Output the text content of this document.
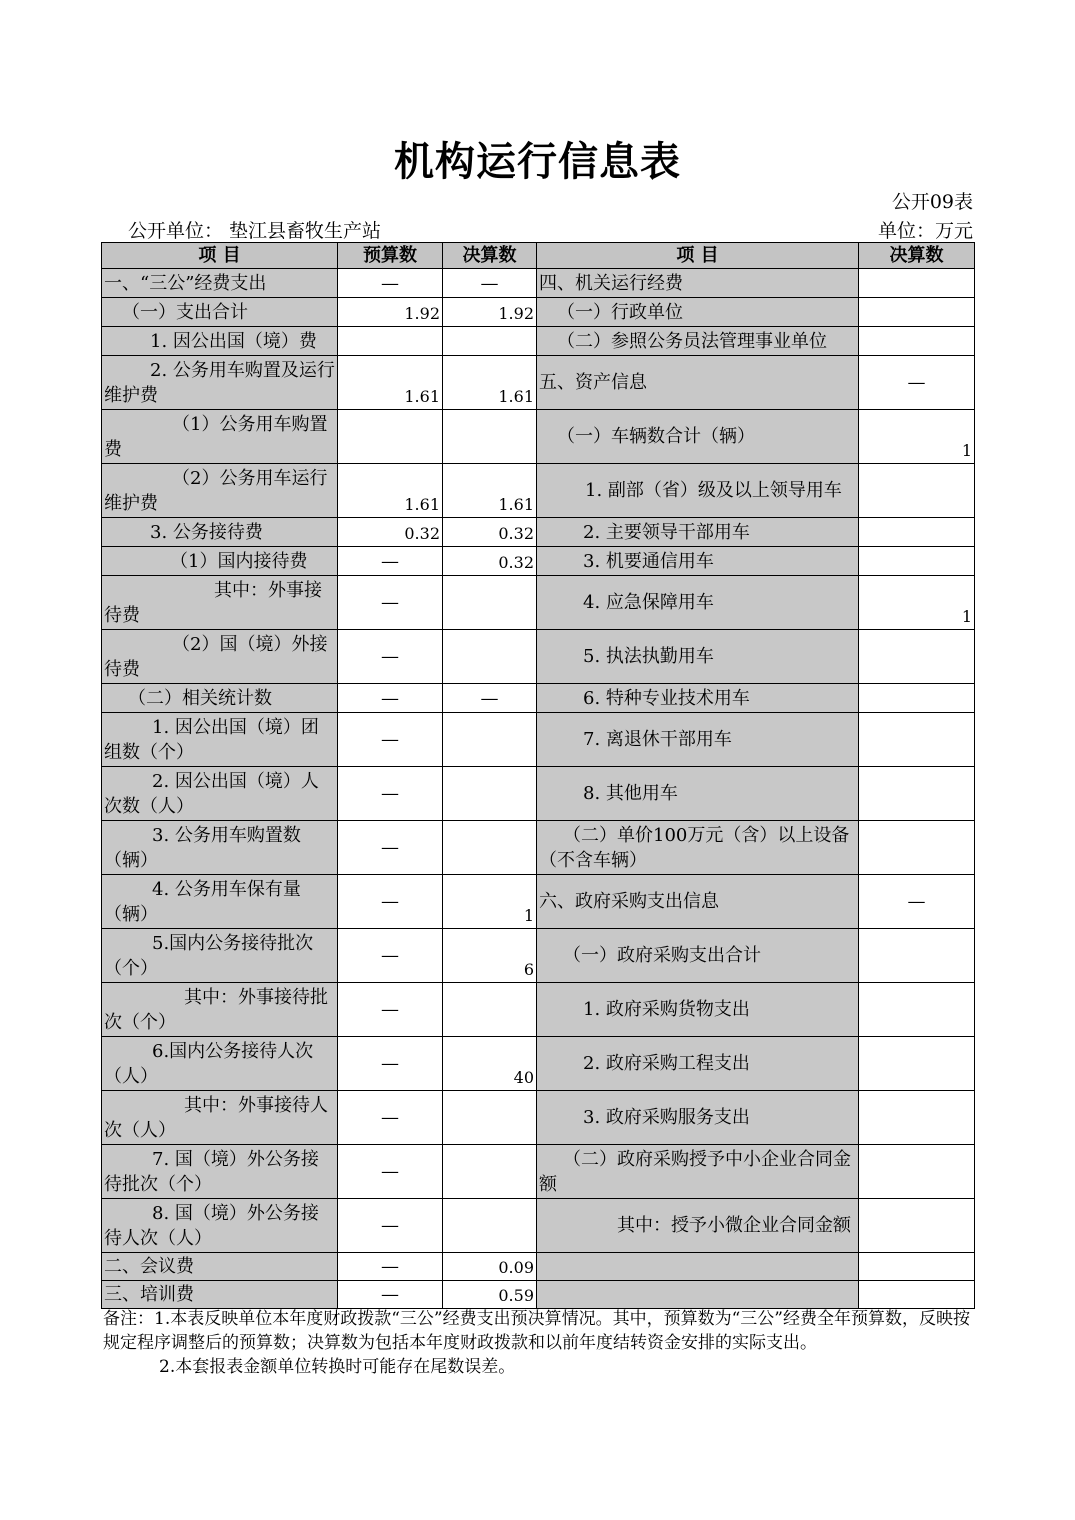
机构运行信息表
公开09表
公开单位： 垫江县畜牧生产站	单位：万元
项 目	预算数	决算数	项 目	决算数
一、“三公”经费支出	—	—	四、机关运行经费	
（一）支出合计	1.92	1.92	（一）行政单位	
1. 因公出国（境）费			（二）参照公务员法管理事业单位	
2. 公务用车购置及运行维护费	1.61	1.61	五、资产信息	—
（1）公务用车购置费			（一）车辆数合计（辆）	1
（2）公务用车运行维护费	1.61	1.61	1. 副部（省）级及以上领导用车	
3. 公务接待费	0.32	0.32	2. 主要领导干部用车	
（1）国内接待费	—	0.32	3. 机要通信用车	
其中：外事接待费	—		4. 应急保障用车	1
（2）国（境）外接待费	—		5. 执法执勤用车	
（二）相关统计数	—	—	6. 特种专业技术用车	
1. 因公出国（境）团组数（个）	—		7. 离退休干部用车	
2. 因公出国（境）人次数（人）	—		8. 其他用车	
3. 公务用车购置数（辆）	—		（二）单价100万元（含）以上设备（不含车辆）	
4. 公务用车保有量（辆）	—	1	六、政府采购支出信息	—
5.国内公务接待批次（个）	—	6	（一）政府采购支出合计	
其中：外事接待批次（个）	—		1. 政府采购货物支出	
6.国内公务接待人次（人）	—	40	2. 政府采购工程支出	
其中：外事接待人次（人）	—		3. 政府采购服务支出	
7. 国（境）外公务接待批次（个）	—		（二）政府采购授予中小企业合同金额	
8. 国（境）外公务接待人次（人）	—		其中：授予小微企业合同金额	
二、会议费	—	0.09		
三、培训费	—	0.59		
备注：1.本表反映单位本年度财政拨款“三公”经费支出预决算情况。其中，预算数为“三公”经费全年预算数，反映按规定程序调整后的预算数；决算数为包括本年度财政拨款和以前年度结转资金安排的实际支出。
2.本套报表金额单位转换时可能存在尾数误差。
